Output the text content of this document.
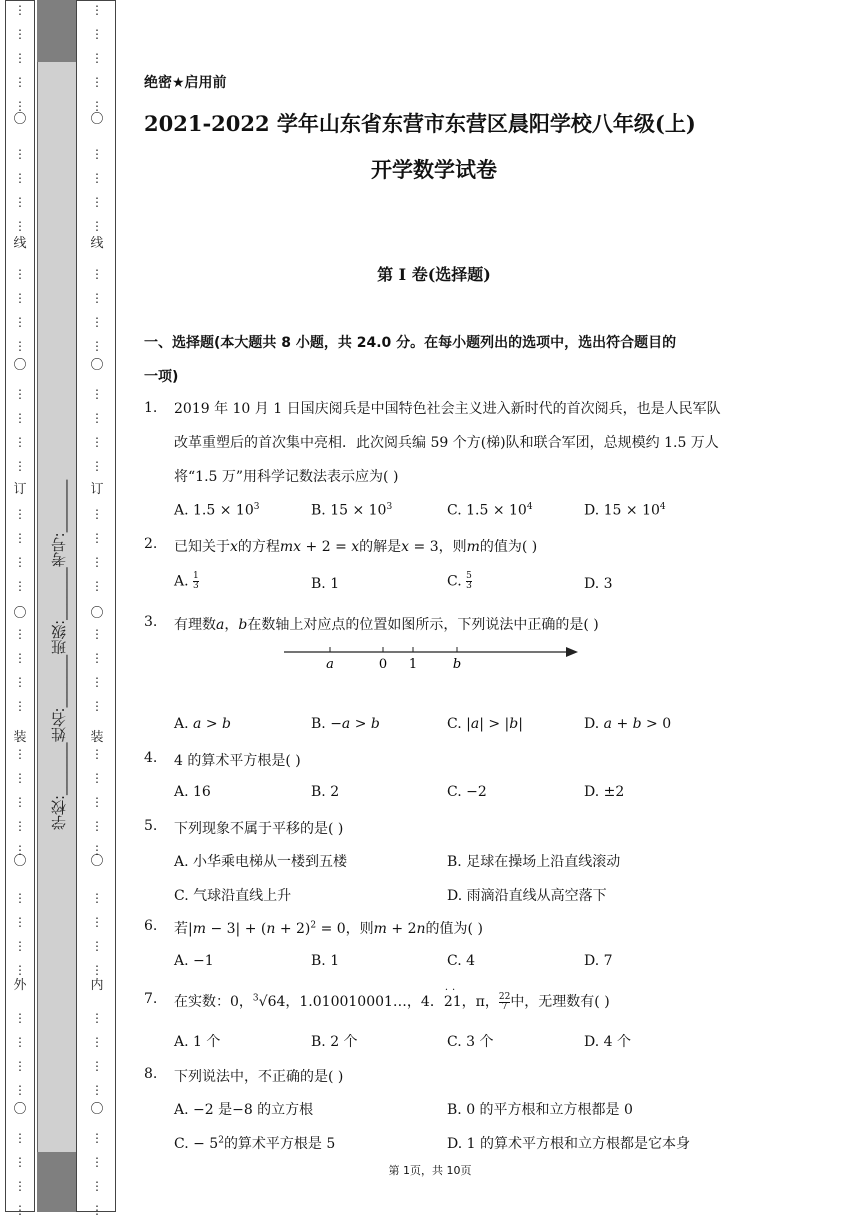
⋮
⋮
⋮
⋮
⋮
〇
⋮
⋮
⋮
⋮
线
⋮
⋮
⋮
⋮
〇
⋮
⋮
⋮
⋮
订
⋮
⋮
⋮
⋮
〇
⋮
⋮
⋮
⋮
装
⋮
⋮
⋮
⋮
⋮
〇
⋮
⋮
⋮
⋮
外
⋮
⋮
⋮
⋮
〇
⋮
⋮
⋮
⋮
⋮
⋮
⋮
⋮
⋮
〇
⋮
⋮
⋮
⋮
线
⋮
⋮
⋮
⋮
〇
⋮
⋮
⋮
⋮
订
⋮
⋮
⋮
⋮
〇
⋮
⋮
⋮
⋮
装
⋮
⋮
⋮
⋮
⋮
〇
⋮
⋮
⋮
⋮
内
⋮
⋮
⋮
⋮
〇
⋮
⋮
⋮
⋮
学校:_______姓名:_______班级:_______考号:_______
绝密★启用前
2021-2022 学年山东省东营市东营区晨阳学校八年级(上)
开学数学试卷
第 I 卷(选择题)
一、选择题(本大题共 8 小题，共 24.0 分。在每小题列出的选项中，选出符合题目的
一项)
1. 2019 年 10 月 1 日国庆阅兵是中国特色社会主义进入新时代的首次阅兵，也是人民军队改革重塑后的首次集中亮相．此次阅兵编 59 个方(梯)队和联合军团，总规模约 1.5 万人将“1.5 万”用科学记数法表示应为( )
A. $1.5 \times 10^3$	B. $15 \times 10^3$	C. $1.5 \times 10^4$	D. $15 \times 10^4$
2. 已知关于x的方程mx + 2 = x的解是x = 3，则m的值为( )
A. $\frac{1}{3}$	B. 1	C. $\frac{5}{3}$	D. 3
3. 有理数a，b在数轴上对应点的位置如图所示，下列说法中正确的是( )
a	0 1	b
A. a > b	B. −a > b	C. |a| > |b|	D. a + b > 0
4. 4 的算术平方根是( )
A. 16	B. 2	C. −2	D. ±2
5. 下列现象不属于平移的是( )
A. 小华乘电梯从一楼到五楼	B. 足球在操场上沿直线滚动
C. 气球沿直线上升	D. 雨滴沿直线从高空落下
6. 若$|m - 3| + (n + 2)^2 = 0$，则m + 2n的值为( )
A. −1	B. 1	C. 4	D. 7
7. 在实数：0，$^3$√64，1.010010001…，4．21
..
，π， $\frac{22}{7}$ 中，无理数有( )
A. 1 个	B. 2 个	C. 3 个	D. 4 个
8. 下列说法中，不正确的是( )
A. −2 是−8 的立方根	B. 0 的平方根和立方根都是 0
C. − $5^2$的算术平方根是 5	D. 1 的算术平方根和立方根都是它本身
第 1页，共 10页
